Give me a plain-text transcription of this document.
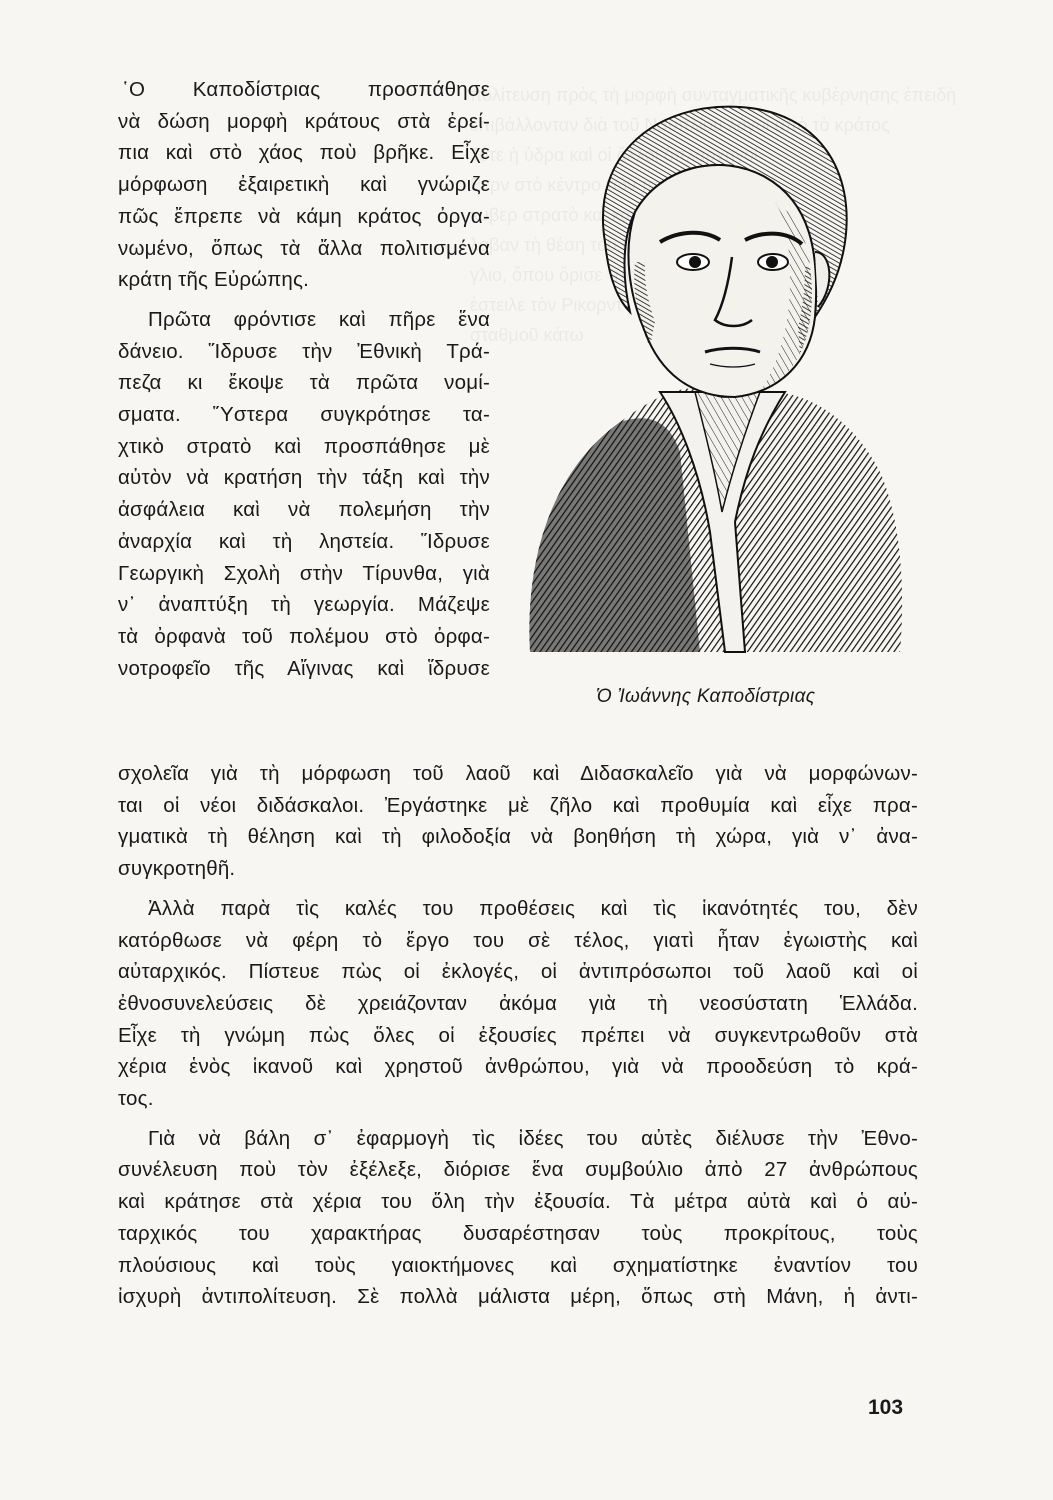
πολίτευση πρὸς τὴ μορφὴ συνταγματικῆς κυβέρνησης ἐπειδὴ
ἐπιβάλλονταν διὰ τοῦ τὸ κράτος
Τότε ἡ ὑδρα καὶ οἱ ἄλλοι ὁπλαρχηγοί
Βερν στὸ κέντρο τῶν πραγμάτων
κυβερ στρατὸ καὶ κατὰ τῶν
λαβαν τὴ θέση τοῦ Ναυπλίου
γλιο, ὅπου ὅρισε
ἐστειλε τὸν Ρικορντ
σταθμοῦ κάτω

῾Ο Καποδίστριας προσπάθησε
νὰ δώση μορφὴ κράτους στὰ ἐρεί-
πια καὶ στὸ χάος ποὺ βρῆκε. Εἶχε
μόρφωση ἐξαιρετικὴ καὶ γνώριζε
πῶς ἔπρεπε νὰ κάμη κράτος ὀργα-
νωμένο, ὅπως τὰ ἄλλα πολιτισμένα
κράτη τῆς Εὐρώπης.
Πρῶτα φρόντισε καὶ πῆρε ἕνα
δάνειο. Ἵδρυσε τὴν Ἐθνικὴ Τρά-
πεζα κι ἔκοψε τὰ πρῶτα νομί-
σματα. Ὕστερα συγκρότησε τα-
χτικὸ στρατὸ καὶ προσπάθησε μὲ
αὐτὸν νὰ κρατήση τὴν τάξη καὶ τὴν
ἀσφάλεια καὶ νὰ πολεμήση τὴν
ἀναρχία καὶ τὴ ληστεία. Ἵδρυσε
Γεωργικὴ Σχολὴ στὴν Τίρυνθα, γιὰ
ν᾿ ἀναπτύξη τὴ γεωργία. Μάζεψε
τὰ ὀρφανὰ τοῦ πολέμου στὸ ὀρφα-
νοτροφεῖο τῆς Αἴγινας καὶ ἵδρυσε
Ὁ Ἰωάννης Καποδίστριας
σχολεῖα γιὰ τὴ μόρφωση τοῦ λαοῦ καὶ Διδασκαλεῖο γιὰ νὰ μορφώνων-
ται οἱ νέοι διδάσκαλοι. Ἐργάστηκε μὲ ζῆλο καὶ προθυμία καὶ εἶχε πρα-
γματικὰ τὴ θέληση καὶ τὴ φιλοδοξία νὰ βοηθήση τὴ χώρα, γιὰ ν᾿ ἀνα-
συγκροτηθῆ.
Ἀλλὰ παρὰ τὶς καλές του προθέσεις καὶ τὶς ἱκανότητές του, δὲν
κατόρθωσε νὰ φέρη τὸ ἔργο του σὲ τέλος, γιατὶ ἦταν ἐγωιστὴς καὶ
αὐταρχικός. Πίστευε πὼς οἱ ἐκλογές, οἱ ἀντιπρόσωποι τοῦ λαοῦ καὶ οἱ
ἐθνοσυνελεύσεις δὲ χρειάζονταν ἀκόμα γιὰ τὴ νεοσύστατη Ἑλλάδα.
Εἶχε τὴ γνώμη πὼς ὅλες οἱ ἐξουσίες πρέπει νὰ συγκεντρωθοῦν στὰ
χέρια ἑνὸς ἱκανοῦ καὶ χρηστοῦ ἀνθρώπου, γιὰ νὰ προοδεύση τὸ κρά-
τος.
Γιὰ νὰ βάλη σ᾿ ἐφαρμογὴ τὶς ἰδέες του αὐτὲς διέλυσε τὴν Ἐθνο-
συνέλευση ποὺ τὸν ἐξέλεξε, διόρισε ἕνα συμβούλιο ἀπὸ 27 ἀνθρώπους
καὶ κράτησε στὰ χέρια του ὅλη τὴν ἐξουσία. Τὰ μέτρα αὐτὰ καὶ ὁ αὐ-
ταρχικός του χαρακτήρας δυσαρέστησαν τοὺς προκρίτους, τοὺς
πλούσιους καὶ τοὺς γαιοκτήμονες καὶ σχηματίστηκε ἐναντίον του
ἰσχυρὴ ἀντιπολίτευση. Σὲ πολλὰ μάλιστα μέρη, ὅπως στὴ Μάνη, ἡ ἀντι-
103
